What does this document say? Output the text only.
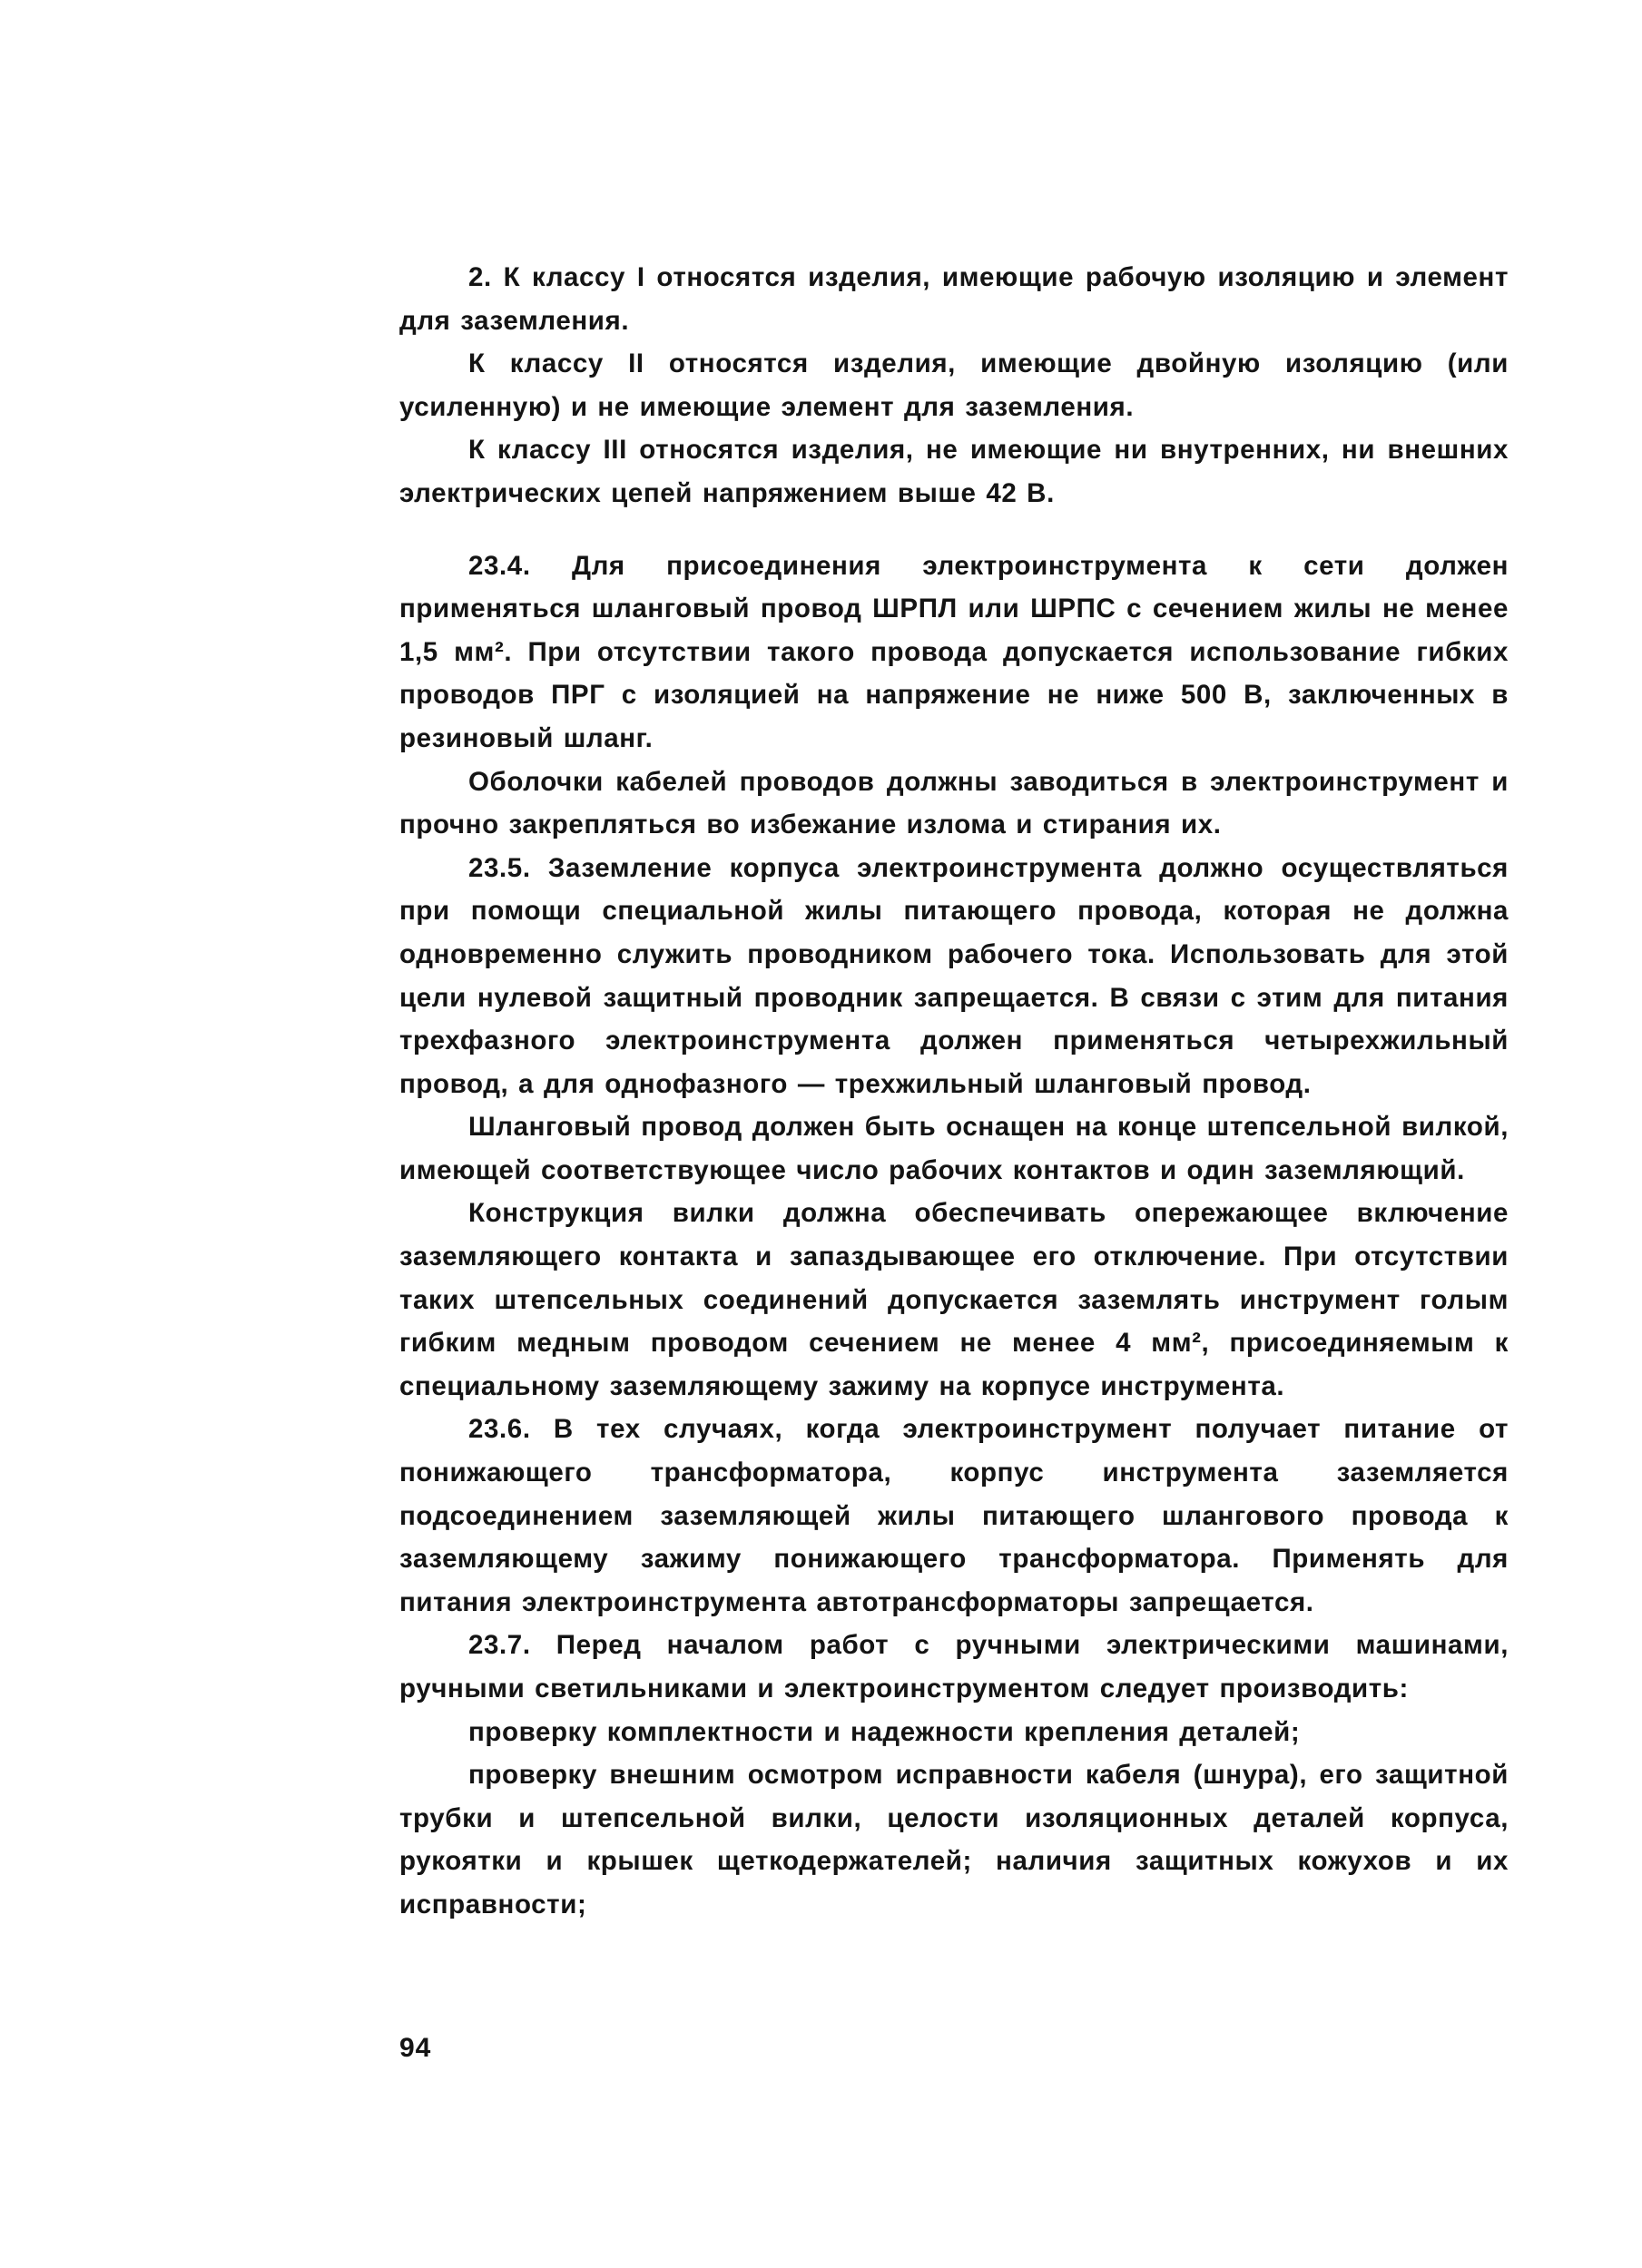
2. К классу I относятся изделия, имеющие рабочую изоляцию и элемент для заземления.

К классу II относятся изделия, имеющие двойную изоляцию (или усиленную) и не имеющие элемент для заземления.

К классу III относятся изделия, не имеющие ни внутренних, ни внешних электрических цепей напряжением выше 42 В.

23.4. Для присоединения электроинструмента к сети должен применяться шланговый провод ШРПЛ или ШРПС с сечением жилы не менее 1,5 мм². При отсутствии такого провода допускается использование гибких проводов ПРГ с изоляцией на напряжение не ниже 500 В, заключенных в резиновый шланг.

Оболочки кабелей проводов должны заводиться в электроинструмент и прочно закрепляться во избежание излома и стирания их.

23.5. Заземление корпуса электроинструмента должно осуществляться при помощи специальной жилы питающего провода, которая не должна одновременно служить проводником рабочего тока. Использовать для этой цели нулевой защитный проводник запрещается. В связи с этим для питания трехфазного электроинструмента должен применяться четырехжильный провод, а для однофазного — трехжильный шланговый провод.

Шланговый провод должен быть оснащен на конце штепсельной вилкой, имеющей соответствующее число рабочих контактов и один заземляющий.

Конструкция вилки должна обеспечивать опережающее включение заземляющего контакта и запаздывающее его отключение. При отсутствии таких штепсельных соединений допускается заземлять инструмент голым гибким медным проводом сечением не менее 4 мм², присоединяемым к специальному заземляющему зажиму на корпусе инструмента.

23.6. В тех случаях, когда электроинструмент получает питание от понижающего трансформатора, корпус инструмента заземляется подсоединением заземляющей жилы питающего шлангового провода к заземляющему зажиму понижающего трансформатора. Применять для питания электроинструмента автотрансформаторы запрещается.

23.7. Перед началом работ с ручными электрическими машинами, ручными светильниками и электроинструментом следует производить:

проверку комплектности и надежности крепления деталей;

проверку внешним осмотром исправности кабеля (шнура), его защитной трубки и штепсельной вилки, целости изоляционных деталей корпуса, рукоятки и крышек щеткодержателей; наличия защитных кожухов и их исправности;

94
